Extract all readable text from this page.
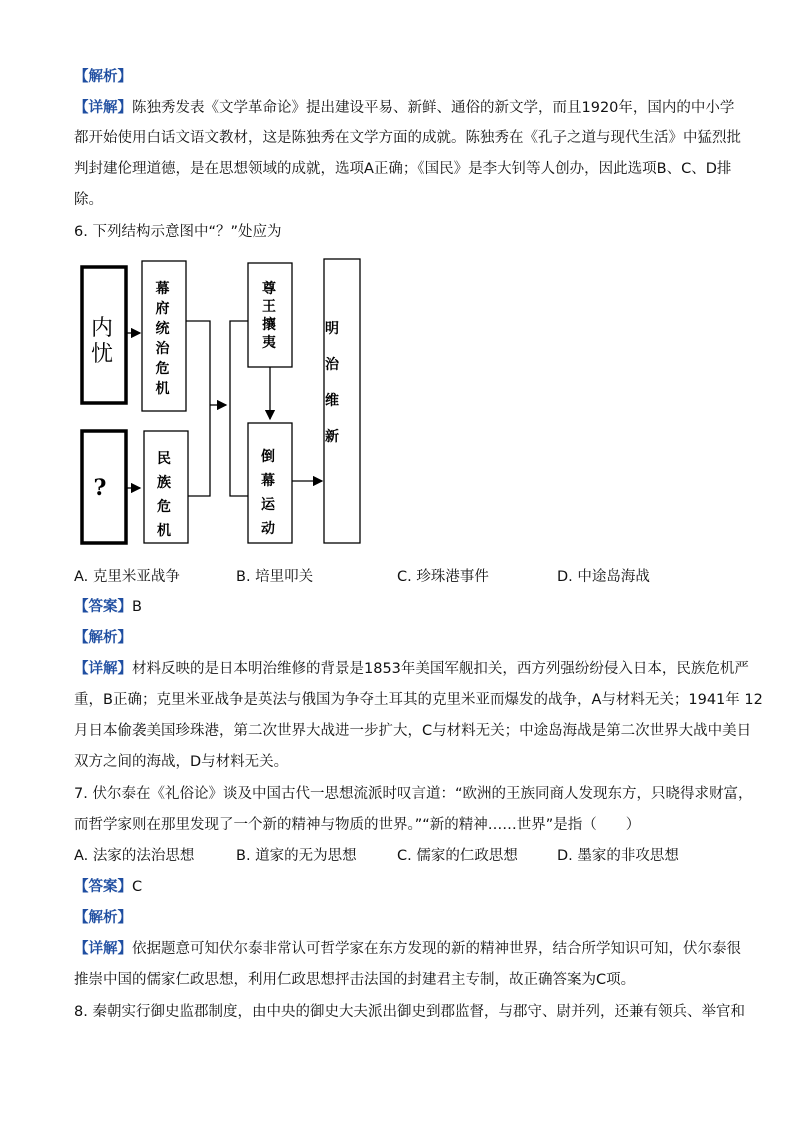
【解析】
【详解】陈独秀发表《文学革命论》提出建设平易、新鲜、通俗的新文学，而且1920年，国内的中小学
都开始使用白话文语文教材，这是陈独秀在文学方面的成就。陈独秀在《孔子之道与现代生活》中猛烈批
判封建伦理道德，是在思想领域的成就，选项A正确；《国民》是李大钊等人创办，因此选项B、C、D排
除。
6. 下列结构示意图中“？”处应为
内忧
?
幕府统治危机
民族危机
尊王攘夷
倒幕运动
明治维新
A. 克里米亚战争	B. 培里叩关	C. 珍珠港事件	D. 中途岛海战
【答案】B
【解析】
【详解】材料反映的是日本明治维修的背景是1853年美国军舰扣关，西方列强纷纷侵入日本，民族危机严
重，B正确；克里米亚战争是英法与俄国为争夺土耳其的克里米亚而爆发的战争，A与材料无关；1941年 12
月日本偷袭美国珍珠港，第二次世界大战进一步扩大，C与材料无关；中途岛海战是第二次世界大战中美日
双方之间的海战，D与材料无关。
7. 伏尔泰在《礼俗论》谈及中国古代一思想流派时叹言道：“欧洲的王族同商人发现东方，只晓得求财富，
而哲学家则在那里发现了一个新的精神与物质的世界。”“新的精神……世界”是指（　　）
A. 法家的法治思想	B. 道家的无为思想	C. 儒家的仁政思想	D. 墨家的非攻思想
【答案】C
【解析】
【详解】依据题意可知伏尔泰非常认可哲学家在东方发现的新的精神世界，结合所学知识可知，伏尔泰很
推崇中国的儒家仁政思想，利用仁政思想抨击法国的封建君主专制，故正确答案为C项。
8. 秦朝实行御史监郡制度，由中央的御史大夫派出御史到郡监督，与郡守、尉并列，还兼有领兵、举官和
